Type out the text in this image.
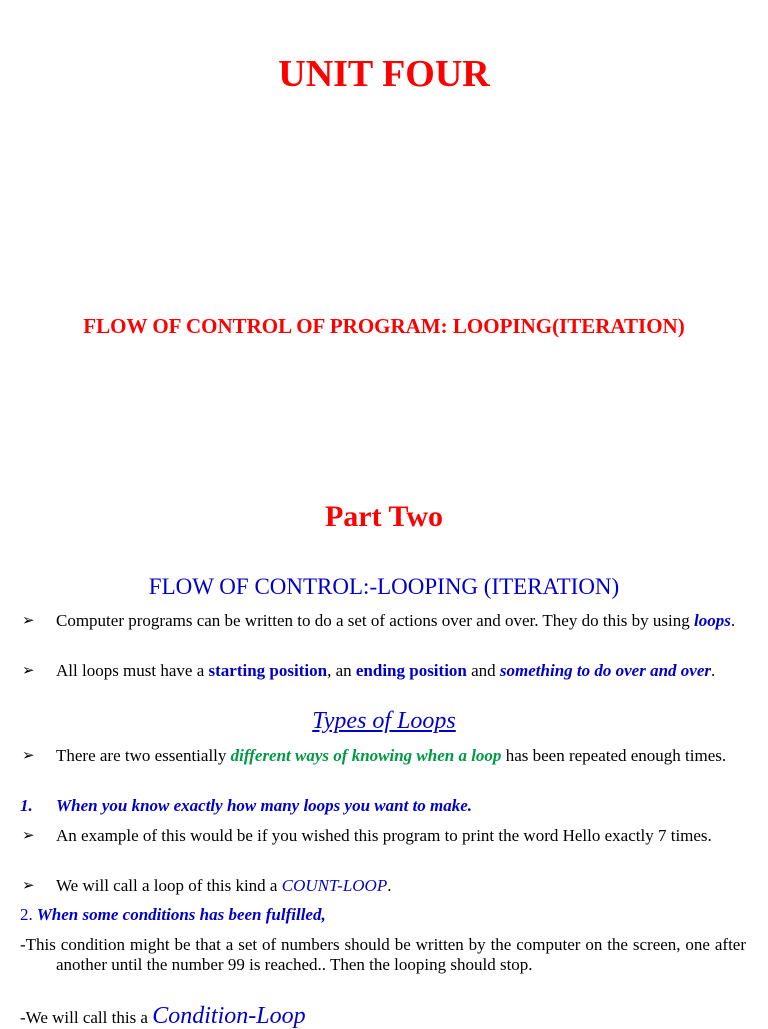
UNIT FOUR
FLOW OF CONTROL OF PROGRAM: LOOPING(ITERATION)
Part Two
FLOW OF CONTROL:-LOOPING (ITERATION)
➢ Computer programs can be written to do a set of actions over and over. They do this by using loops.
➢ All loops must have a starting position, an ending position and something to do over and over.
Types of Loops
➢ There are two essentially different ways of knowing when a loop has been repeated enough times.
1. When you know exactly how many loops you want to make.
➢ An example of this would be if you wished this program to print the word Hello exactly 7 times.
➢ We will call a loop of this kind a COUNT-LOOP.
2. When some conditions has been fulfilled,
-This condition might be that a set of numbers should be written by the computer on the screen, one after another until the number 99 is reached.. Then the looping should stop.
-We will call this a Condition-Loop
